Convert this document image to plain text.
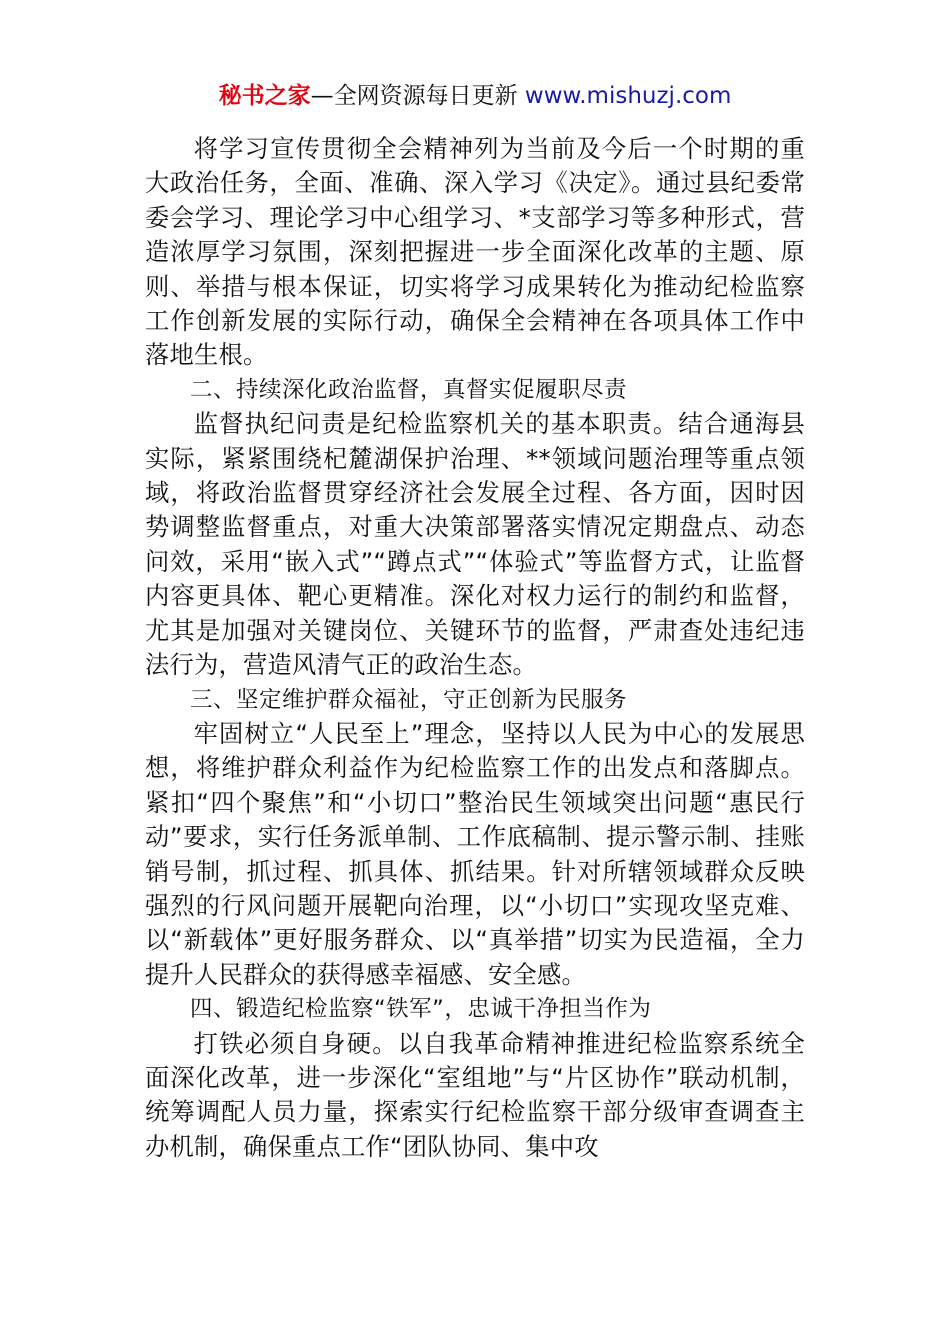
秘书之家—全网资源每日更新 www.mishuzj.com

将学习宣传贯彻全会精神列为当前及今后一个时期的重大政治任务，全面、准确、深入学习《决定》。通过县纪委常委会学习、理论学习中心组学习、*支部学习等多种形式，营造浓厚学习氛围，深刻把握进一步全面深化改革的主题、原则、举措与根本保证，切实将学习成果转化为推动纪检监察工作创新发展的实际行动，确保全会精神在各项具体工作中落地生根。

二、持续深化政治监督，真督实促履职尽责

监督执纪问责是纪检监察机关的基本职责。结合通海县实际，紧紧围绕杞麓湖保护治理、**领域问题治理等重点领域，将政治监督贯穿经济社会发展全过程、各方面，因时因势调整监督重点，对重大决策部署落实情况定期盘点、动态问效，采用“嵌入式”“蹲点式”“体验式”等监督方式，让监督内容更具体、靶心更精准。深化对权力运行的制约和监督，尤其是加强对关键岗位、关键环节的监督，严肃查处违纪违法行为，营造风清气正的政治生态。

三、坚定维护群众福祉，守正创新为民服务

牢固树立“人民至上”理念，坚持以人民为中心的发展思想，将维护群众利益作为纪检监察工作的出发点和落脚点。紧扣“四个聚焦”和“小切口”整治民生领域突出问题“惠民行动”要求，实行任务派单制、工作底稿制、提示警示制、挂账销号制，抓过程、抓具体、抓结果。针对所辖领域群众反映强烈的行风问题开展靶向治理，以“小切口”实现攻坚克难、以“新载体”更好服务群众、以“真举措”切实为民造福，全力提升人民群众的获得感幸福感、安全感。

四、锻造纪检监察“铁军”，忠诚干净担当作为

打铁必须自身硬。以自我革命精神推进纪检监察系统全面深化改革，进一步深化“室组地”与“片区协作”联动机制，统筹调配人员力量，探索实行纪检监察干部分级审查调查主办机制，确保重点工作“团队协同、集中攻
